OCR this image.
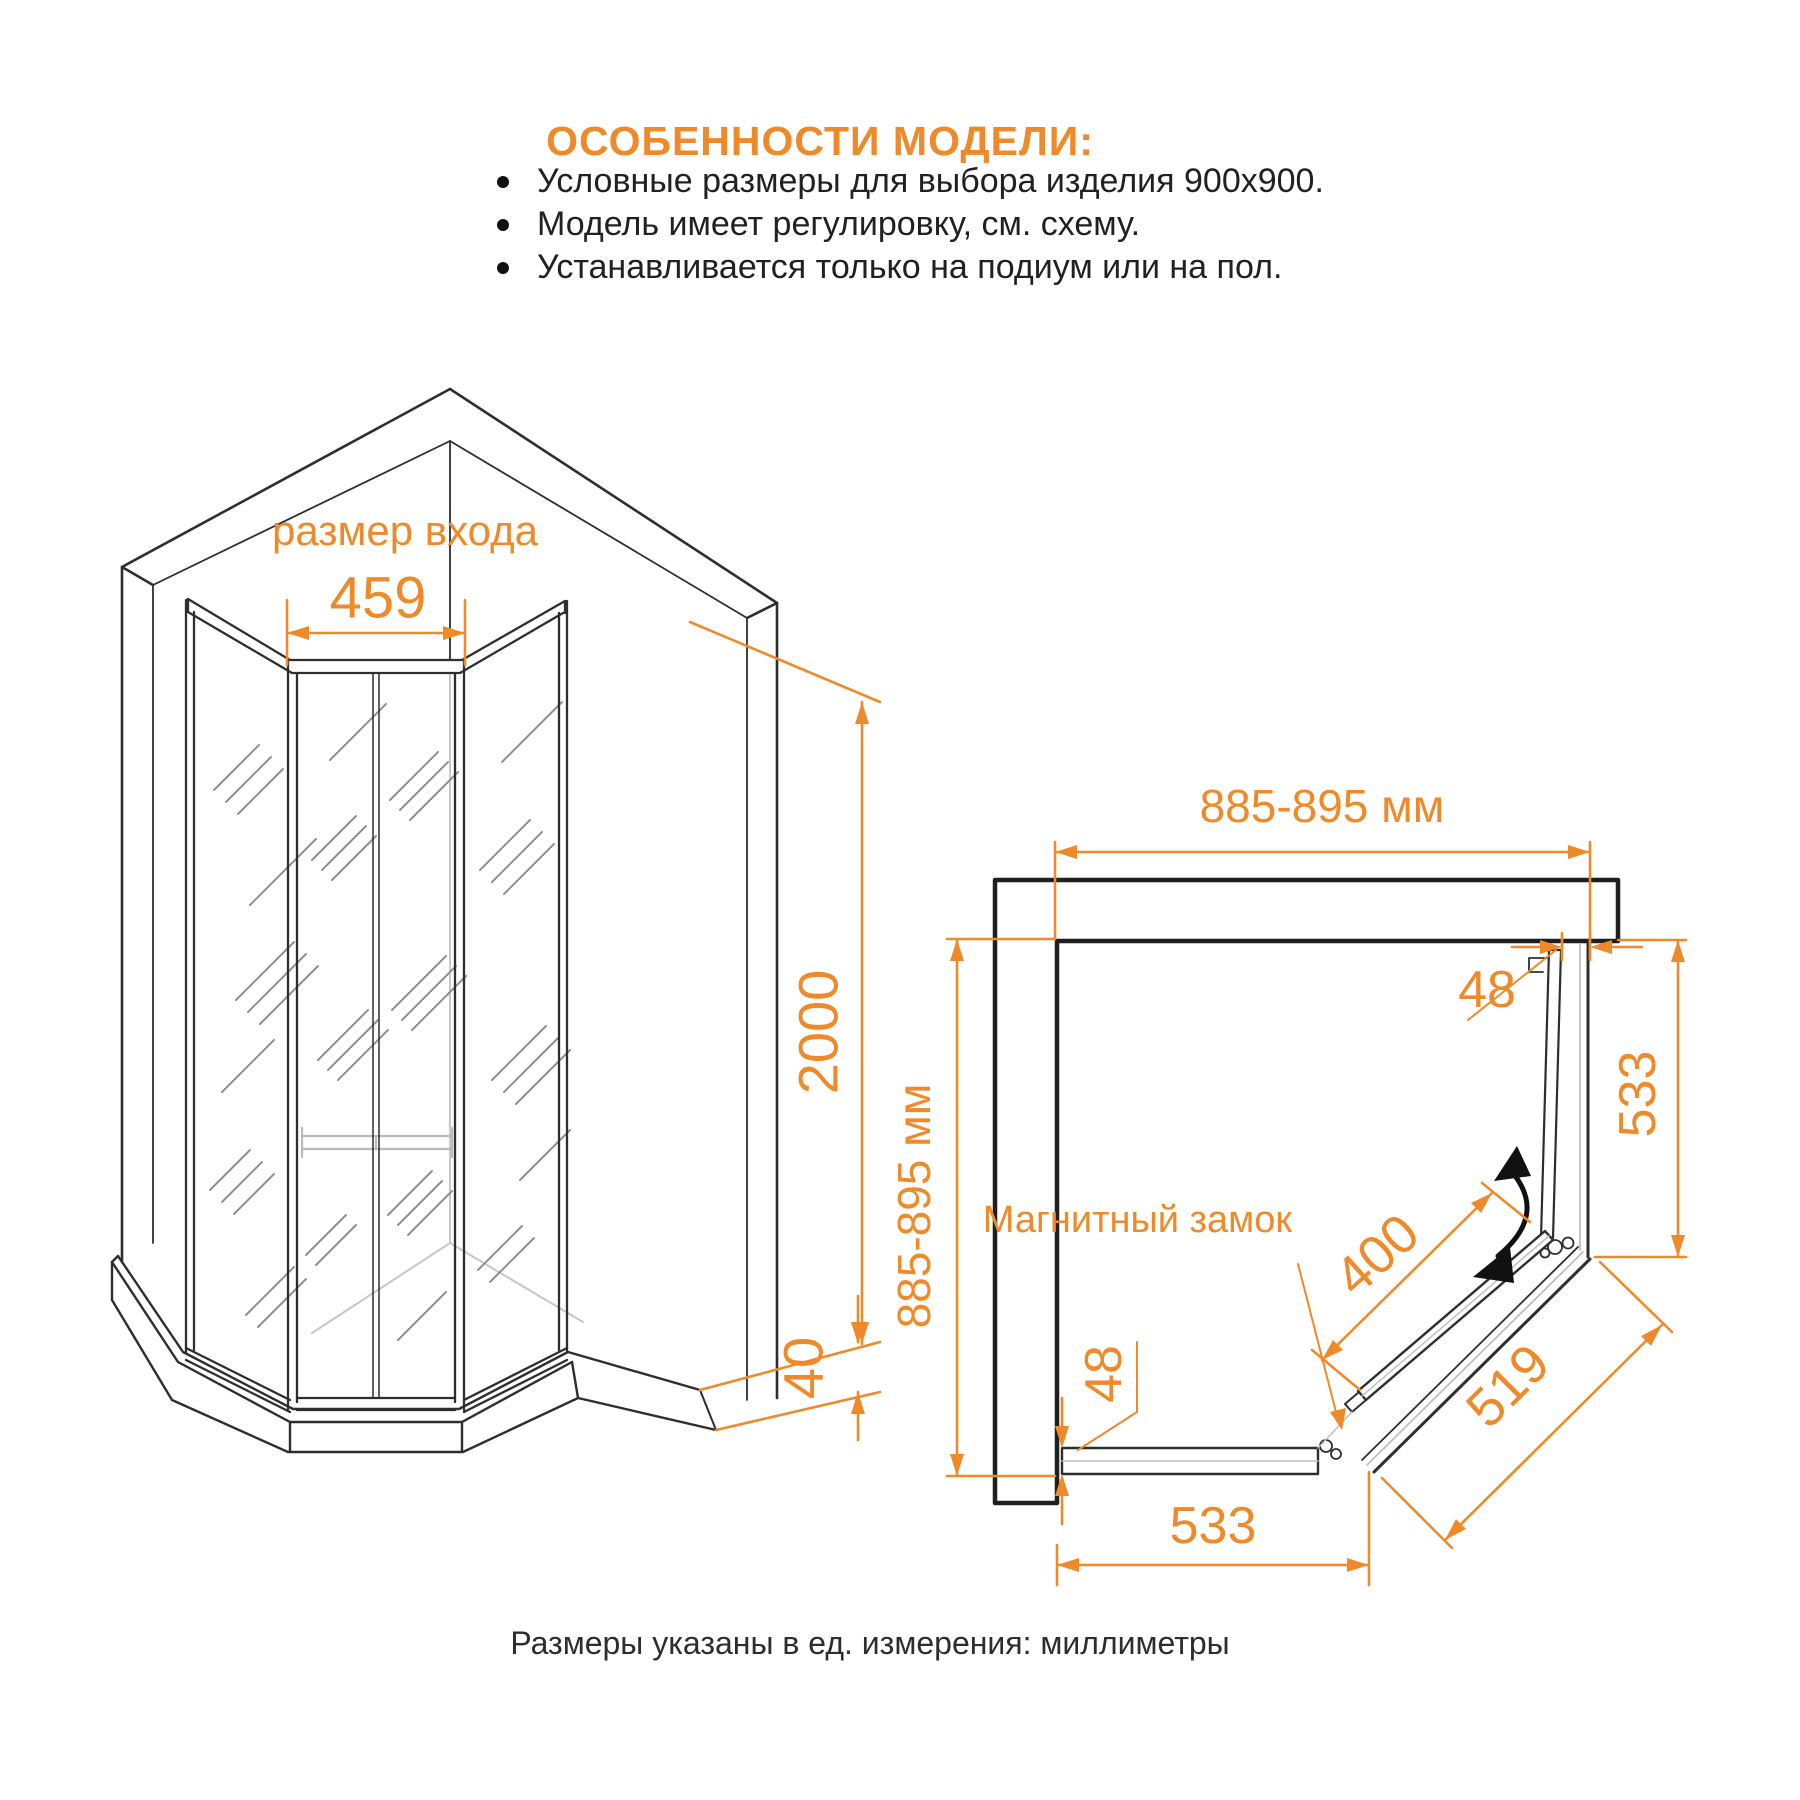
ОСОБЕННОСТИ МОДЕЛИ:
Условные размеры для выбора изделия 900х900.
Модель имеет регулировку, см. схему.
Устанавливается только на подиум или на пол.
размер входа
459
2000
40
885-895 мм
885-895 мм
48
533
400
519
48
533
Магнитный замок
Размеры указаны в ед. измерения: миллиметры
